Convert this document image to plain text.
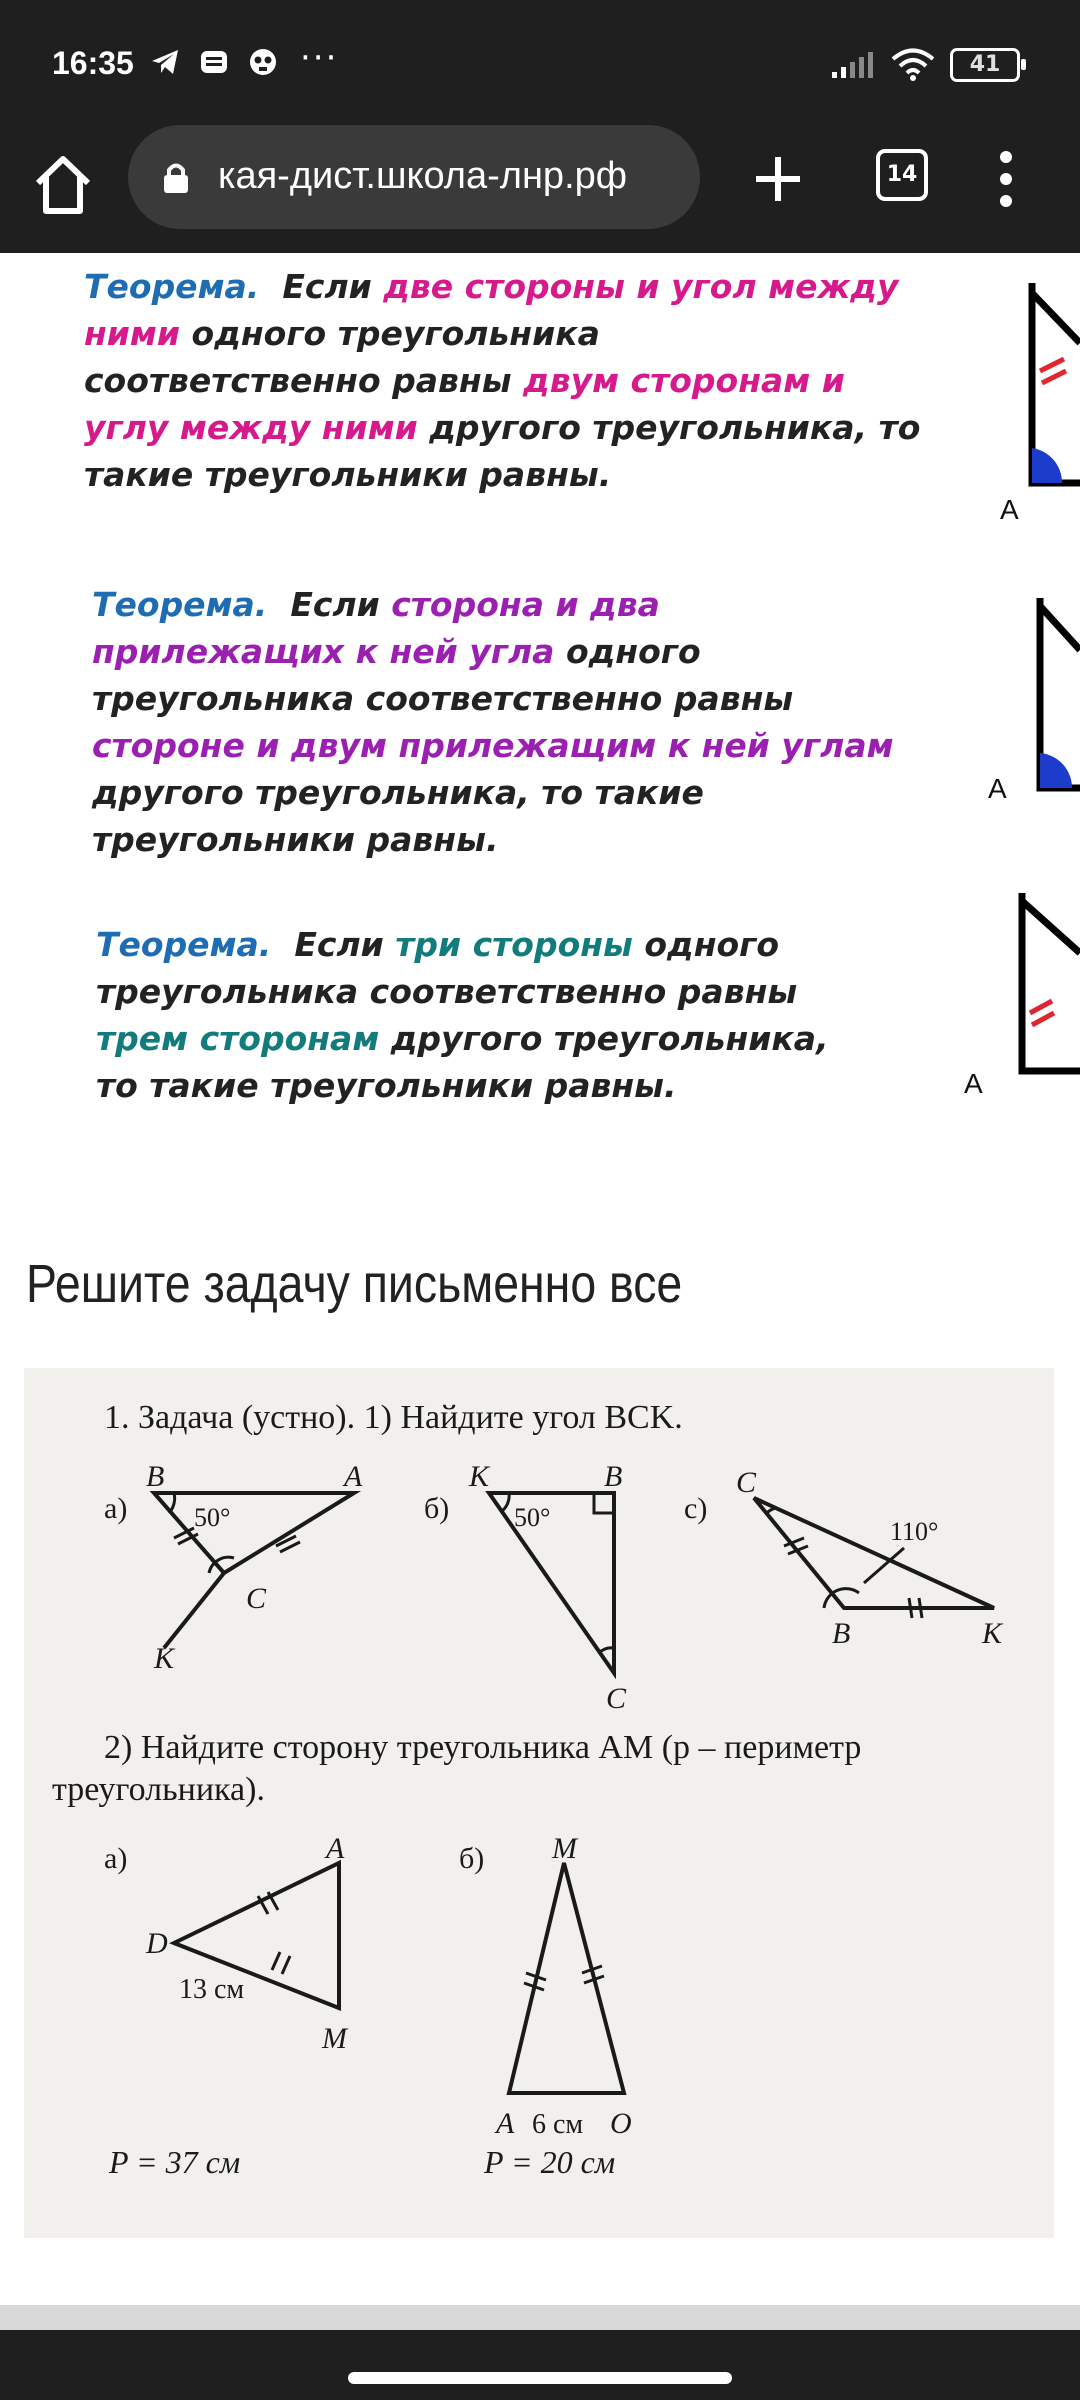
16:35
	···
	41
кая-дист.школа-лнр.рф	14
Теорема. Если две стороны и угол между
ними одного треугольника
соответственно равны двум сторонам и
углу между ними другого треугольника, то
такие треугольники равны.
A
Теорема. Если сторона и два
прилежащих к ней угла одного
треугольника соответственно равны
стороне и двум прилежащим к ней углам
другого треугольника, то такие
треугольники равны.
A
Теорема. Если три стороны одного
треугольника соответственно равны
трем сторонам другого треугольника,
то такие треугольники равны.	A
Решите задачу письменно все
1. Задача (устно). 1) Найдите угол BCK.
а)
B	A
C
K
50°	б)
K	B
C
50°	с)
C
B	K
110°
2) Найдите сторону треугольника AM (p – периметр
треугольника).
а)	A
D
M
13 см
P = 37 см
б) M
A	O
6 см
P = 20 см
